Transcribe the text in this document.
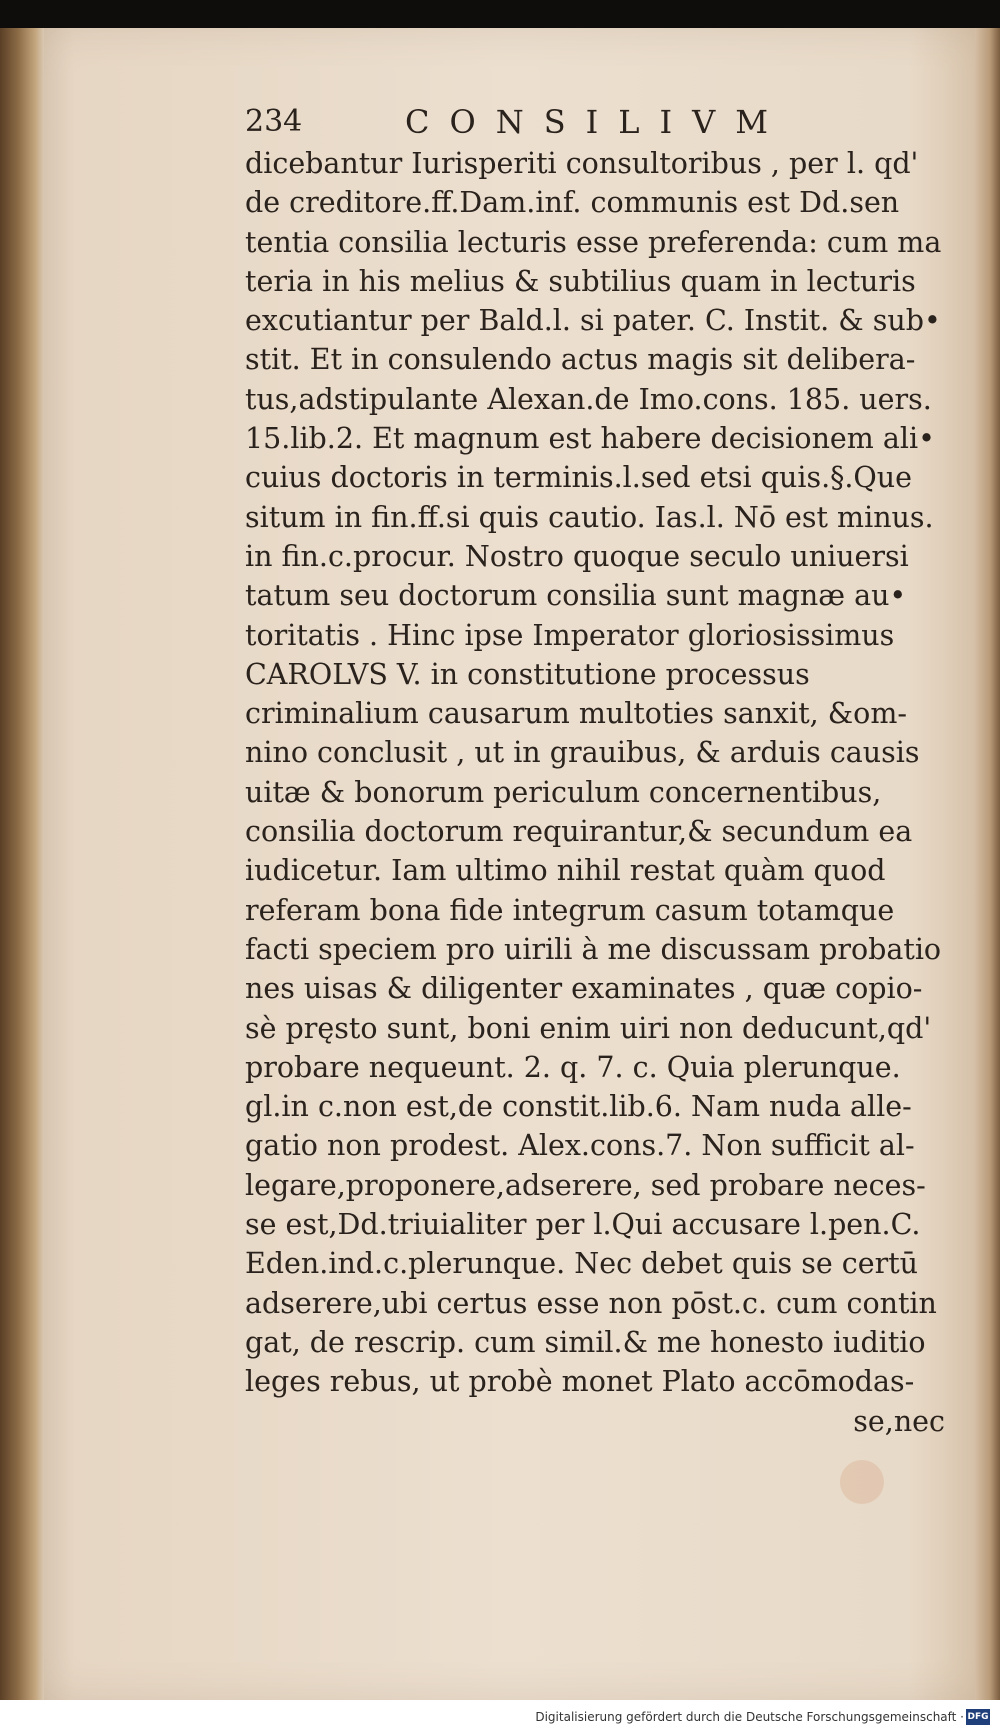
234	CONSILIVM
dicebantur Iurisperiti consultoribus , per l. qd'
de creditore.ff.Dam.inf. communis est Dd.sen
tentia consilia lecturis esse preferenda: cum ma
teria in his melius & subtilius quam in lecturis
excutiantur per Bald.l. si pater. C. Instit. & sub•
stit. Et in consulendo actus magis sit delibera-
tus,adstipulante Alexan.de Imo.cons. 185. uers.
15.lib.2. Et magnum est habere decisionem ali•
cuius doctoris in terminis.l.sed etsi quis.§.Que
situm in fin.ff.si quis cautio. Ias.l. Nō est minus.
in fin.c.procur. Nostro quoque seculo uniuersi
tatum seu doctorum consilia sunt magnæ au•
toritatis . Hinc ipse Imperator gloriosissimus
CAROLVS V. in constitutione processus
criminalium causarum multoties sanxit, &om-
nino conclusit , ut in grauibus, & arduis causis
uitæ & bonorum periculum concernentibus,
consilia doctorum requirantur,& secundum ea
iudicetur. Iam ultimo nihil restat quàm quod
referam bona fide integrum casum totamque
facti speciem pro uirili à me discussam probatio
nes uisas & diligenter examinates , quæ copio-
sè pręsto sunt, boni enim uiri non deducunt,qd'
probare nequeunt. 2. q. 7. c. Quia plerunque.
gl.in c.non est,de constit.lib.6. Nam nuda alle-
gatio non prodest. Alex.cons.7. Non sufficit al-
legare,proponere,adserere, sed probare neces-
se est,Dd.triuialiter per l.Qui accusare l.pen.C.
Eden.ind.c.plerunque. Nec debet quis se certū
adserere,ubi certus esse non pōst.c. cum contin
gat, de rescrip. cum simil.& me honesto iuditio
leges rebus, ut probè monet Plato accōmodas-
se,nec
Digitalisierung gefördert durch die Deutsche Forschungsgemeinschaft · DFG
